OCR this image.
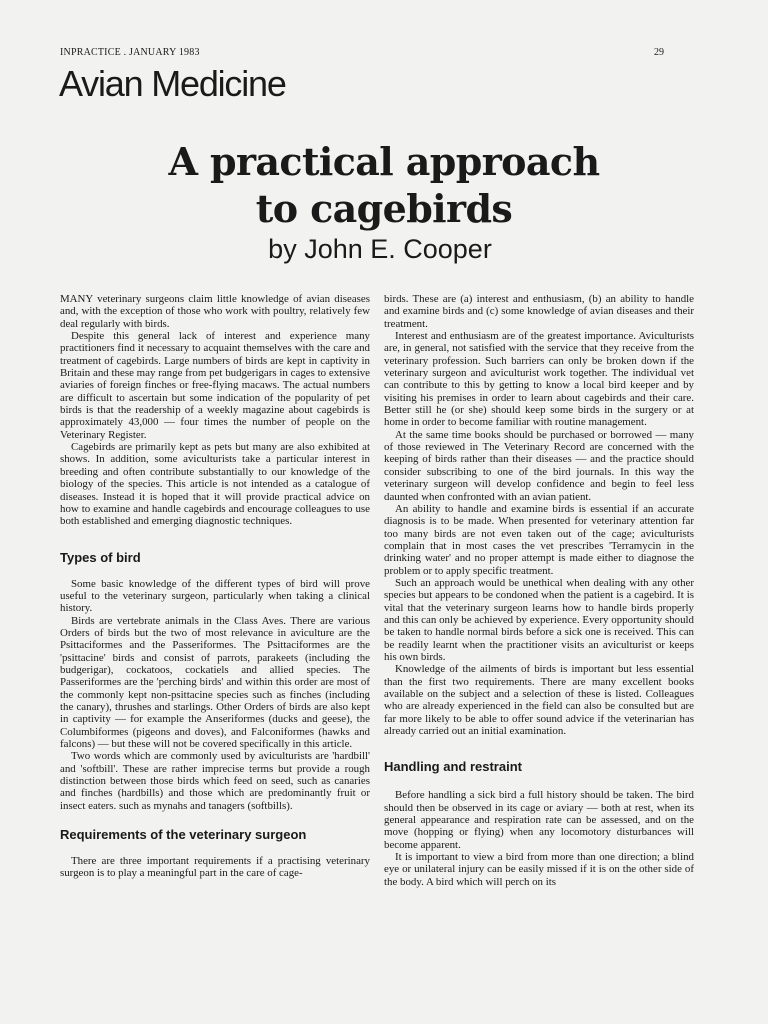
INPRACTICE . JANUARY 1983	29
Avian Medicine
A practical approach
to cagebirds
by John E. Cooper

MANY veterinary surgeons claim little knowledge of avian diseases and, with the exception of those who work with poultry, relatively few deal regularly with birds.

Despite this general lack of interest and experience many practitioners find it necessary to acquaint themselves with the care and treatment of cagebirds. Large numbers of birds are kept in captivity in Britain and these may range from pet budgerigars in cages to extensive aviaries of foreign finches or free-flying macaws. The actual numbers are difficult to ascertain but some indication of the popularity of pet birds is that the readership of a weekly magazine about cagebirds is approximately 43,000 — four times the number of people on the Veterinary Register.

Cagebirds are primarily kept as pets but many are also exhibited at shows. In addition, some aviculturists take a particular interest in breeding and often contribute substantially to our knowledge of the biology of the species. This article is not intended as a catalogue of diseases. Instead it is hoped that it will provide practical advice on how to examine and handle cagebirds and encourage colleagues to use both established and emerging diagnostic techniques.

Types of bird

Some basic knowledge of the different types of bird will prove useful to the veterinary surgeon, particularly when taking a clinical history.

Birds are vertebrate animals in the Class Aves. There are various Orders of birds but the two of most relevance in aviculture are the Psittaciformes and the Passeriformes. The Psittaciformes are the 'psittacine' birds and consist of parrots, parakeets (including the budgerigar), cockatoos, cockatiels and allied species. The Passeriformes are the 'perching birds' and within this order are most of the commonly kept non-psittacine species such as finches (including the canary), thrushes and starlings. Other Orders of birds are also kept in captivity — for example the Anseriformes (ducks and geese), the Columbiformes (pigeons and doves), and Falconiformes (hawks and falcons) — but these will not be covered specifically in this article.

Two words which are commonly used by aviculturists are 'hardbill' and 'softbill'. These are rather imprecise terms but provide a rough distinction between those birds which feed on seed, such as canaries and finches (hardbills) and those which are predominantly fruit or insect eaters. such as mynahs and tanagers (softbills).

Requirements of the veterinary surgeon

There are three important requirements if a practising veterinary surgeon is to play a meaningful part in the care of cage-

birds. These are (a) interest and enthusiasm, (b) an ability to handle and examine birds and (c) some knowledge of avian diseases and their treatment.

Interest and enthusiasm are of the greatest importance. Aviculturists are, in general, not satisfied with the service that they receive from the veterinary profession. Such barriers can only be broken down if the veterinary surgeon and aviculturist work together. The individual vet can contribute to this by getting to know a local bird keeper and by visiting his premises in order to learn about cagebirds and their care. Better still he (or she) should keep some birds in the surgery or at home in order to become familiar with routine management.

At the same time books should be purchased or borrowed — many of those reviewed in The Veterinary Record are concerned with the keeping of birds rather than their diseases — and the practice should consider subscribing to one of the bird journals. In this way the veterinary surgeon will develop confidence and begin to feel less daunted when confronted with an avian patient.

An ability to handle and examine birds is essential if an accurate diagnosis is to be made. When presented for veterinary attention far too many birds are not even taken out of the cage; aviculturists complain that in most cases the vet prescribes 'Terramycin in the drinking water' and no proper attempt is made either to diagnose the problem or to apply specific treatment.

Such an approach would be unethical when dealing with any other species but appears to be condoned when the patient is a cagebird. It is vital that the veterinary surgeon learns how to handle birds properly and this can only be achieved by experience. Every opportunity should be taken to handle normal birds before a sick one is received. This can be readily learnt when the practitioner visits an aviculturist or keeps his own birds.

Knowledge of the ailments of birds is important but less essential than the first two requirements. There are many excellent books available on the subject and a selection of these is listed. Colleagues who are already experienced in the field can also be consulted but are far more likely to be able to offer sound advice if the veterinarian has already carried out an initial examination.

Handling and restraint

Before handling a sick bird a full history should be taken. The bird should then be observed in its cage or aviary — both at rest, when its general appearance and respiration rate can be assessed, and on the move (hopping or flying) when any locomotory disturbances will become apparent.

It is important to view a bird from more than one direction; a blind eye or unilateral injury can be easily missed if it is on the other side of the body. A bird which will perch on its
